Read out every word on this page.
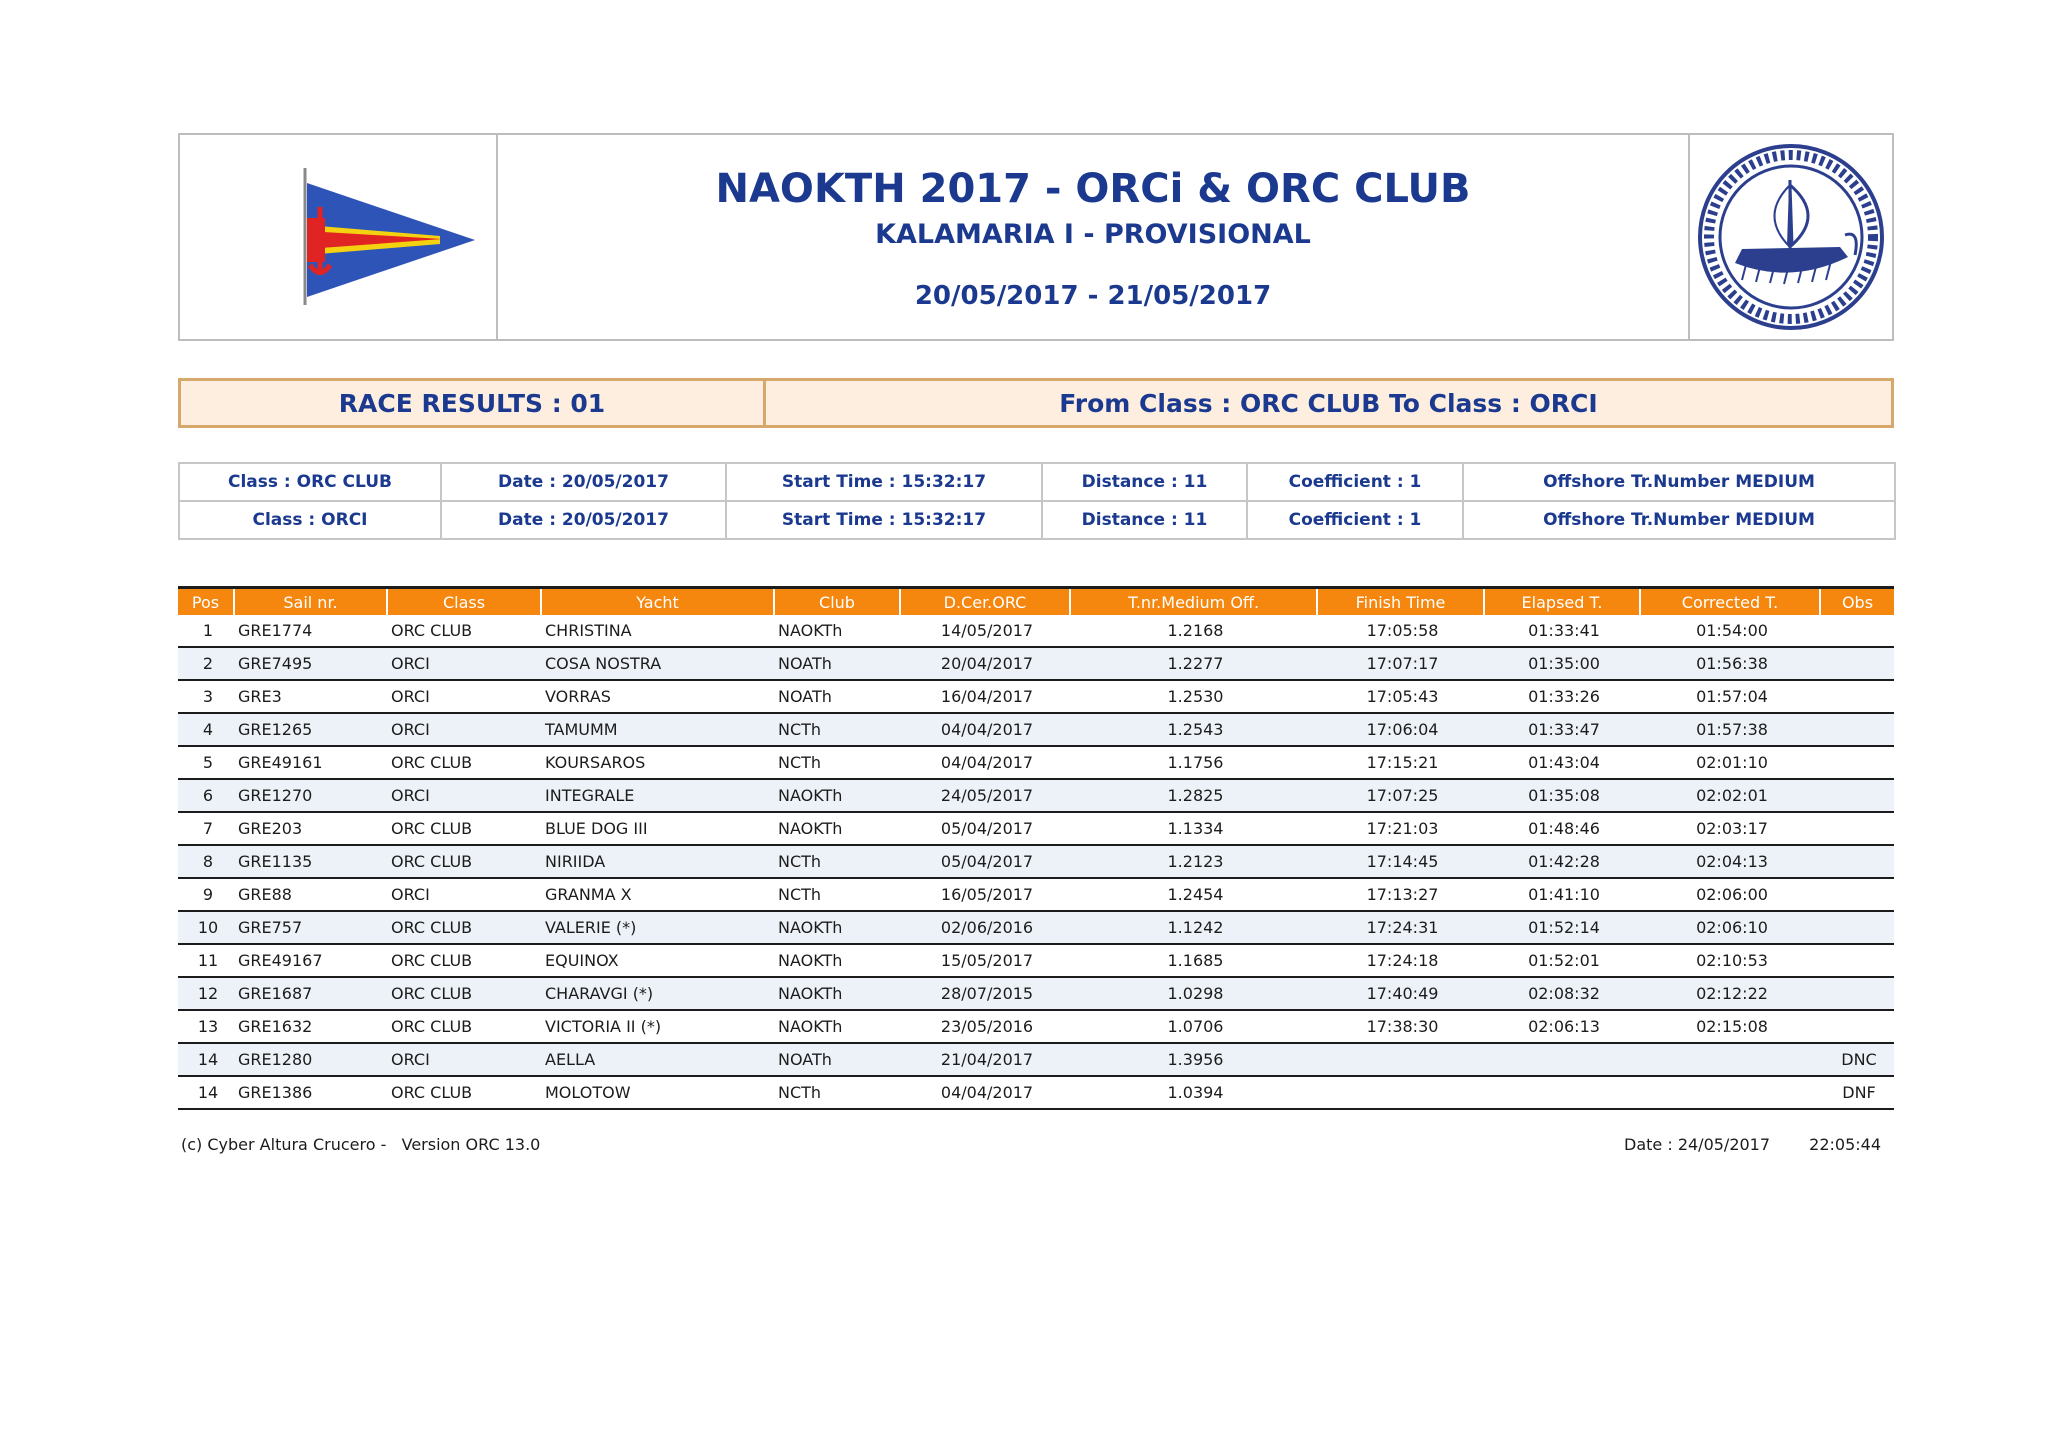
NAOKTH 2017 - ORCi & ORC CLUB
KALAMARIA I - PROVISIONAL
20/05/2017 - 21/05/2017
RACE RESULTS : 01	From Class : ORC CLUB To Class : ORCI
Class : ORC CLUB	Date : 20/05/2017	Start Time : 15:32:17	Distance : 11	Coefficient : 1	Offshore Tr.Number MEDIUM
Class : ORCI	Date : 20/05/2017	Start Time : 15:32:17	Distance : 11	Coefficient : 1	Offshore Tr.Number MEDIUM
Pos	Sail nr.	Class	Yacht	Club	D.Cer.ORC	T.nr.Medium Off.	Finish Time	Elapsed T.	Corrected T.	Obs
1	GRE1774	ORC CLUB	CHRISTINA	NAOKTh	14/05/2017	1.2168	17:05:58	01:33:41	01:54:00	
2	GRE7495	ORCI	COSA NOSTRA	NOATh	20/04/2017	1.2277	17:07:17	01:35:00	01:56:38	
3	GRE3	ORCI	VORRAS	NOATh	16/04/2017	1.2530	17:05:43	01:33:26	01:57:04	
4	GRE1265	ORCI	TAMUMM	NCTh	04/04/2017	1.2543	17:06:04	01:33:47	01:57:38	
5	GRE49161	ORC CLUB	KOURSAROS	NCTh	04/04/2017	1.1756	17:15:21	01:43:04	02:01:10	
6	GRE1270	ORCI	INTEGRALE	NAOKTh	24/05/2017	1.2825	17:07:25	01:35:08	02:02:01	
7	GRE203	ORC CLUB	BLUE DOG III	NAOKTh	05/04/2017	1.1334	17:21:03	01:48:46	02:03:17	
8	GRE1135	ORC CLUB	NIRIIDA	NCTh	05/04/2017	1.2123	17:14:45	01:42:28	02:04:13	
9	GRE88	ORCI	GRANMA X	NCTh	16/05/2017	1.2454	17:13:27	01:41:10	02:06:00	
10	GRE757	ORC CLUB	VALERIE (*)	NAOKTh	02/06/2016	1.1242	17:24:31	01:52:14	02:06:10	
11	GRE49167	ORC CLUB	EQUINOX	NAOKTh	15/05/2017	1.1685	17:24:18	01:52:01	02:10:53	
12	GRE1687	ORC CLUB	CHARAVGI (*)	NAOKTh	28/07/2015	1.0298	17:40:49	02:08:32	02:12:22	
13	GRE1632	ORC CLUB	VICTORIA II (*)	NAOKTh	23/05/2016	1.0706	17:38:30	02:06:13	02:15:08	
14	GRE1280	ORCI	AELLA	NOATh	21/04/2017	1.3956				DNC
14	GRE1386	ORC CLUB	MOLOTOW	NCTh	04/04/2017	1.0394				DNF
(c) Cyber Altura Crucero -   Version ORC 13.0	Date : 24/05/2017 22:05:44
